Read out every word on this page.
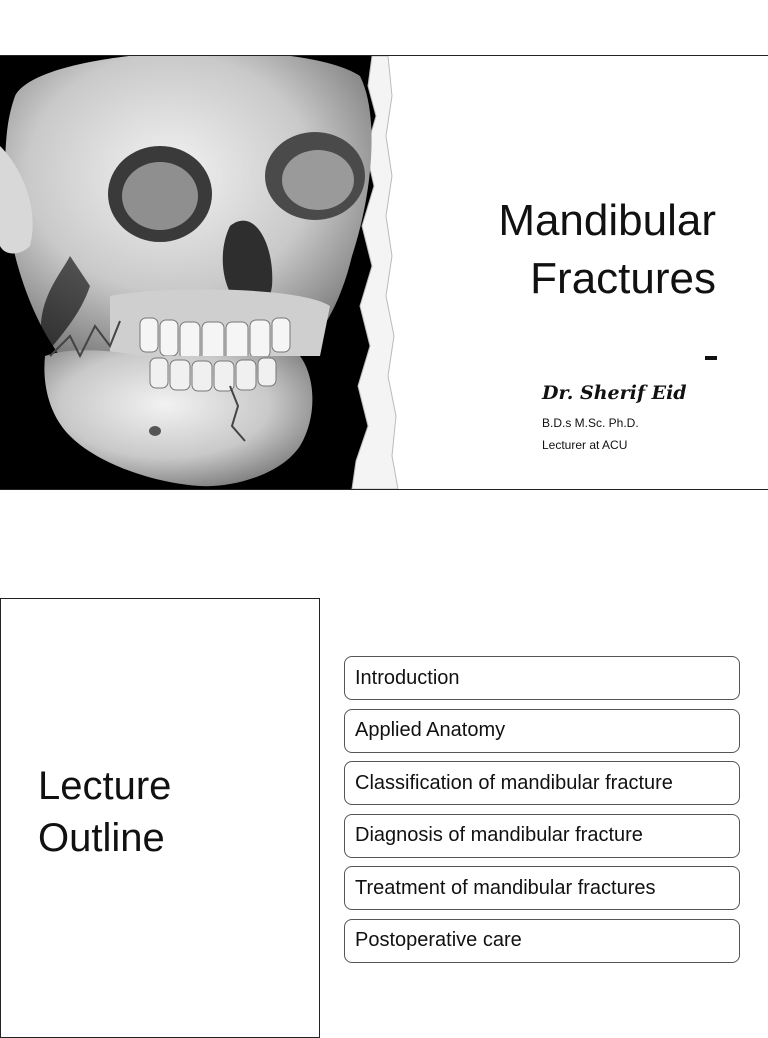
Mandibular
Fractures
Dr. Sherif Eid
B.D.s M.Sc. Ph.D.
Lecturer at ACU
Lecture
Outline
Introduction
Applied Anatomy
Classification of mandibular fracture
Diagnosis of mandibular fracture
Treatment of mandibular fractures
Postoperative care
